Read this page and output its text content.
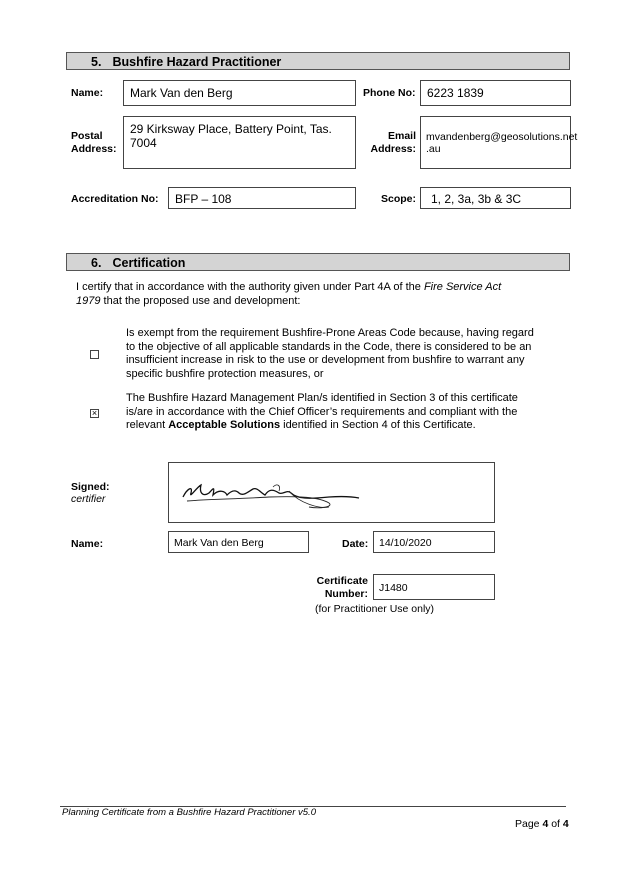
5. Bushfire Hazard Practitioner
Name:	Mark Van den Berg	Phone No: 6223 1839
Postal
Address:
29 Kirksway Place, Battery Point, Tas.
7004	Email
Address:
mvandenberg@geosolutions.net
.au
Accreditation No:	BFP – 108	Scope:	1, 2, 3a, 3b & 3C
6. Certification
I certify that in accordance with the authority given under Part 4A of the Fire Service Act
1979 that the proposed use and development:
Is exempt from the requirement Bushfire-Prone Areas Code because, having regard
to the objective of all applicable standards in the Code, there is considered to be an
insufficient increase in risk to the use or development from bushfire to warrant any
specific bushfire protection measures, or
×
The Bushfire Hazard Management Plan/s identified in Section 3 of this certificate
is/are in accordance with the Chief Officer’s requirements and compliant with the
relevant Acceptable Solutions identified in Section 4 of this Certificate.
Signed:
certifier
Name:	Mark Van den Berg	Date:	14/10/2020
Certificate
Number:	J1480
(for Practitioner Use only)
Planning Certificate from a Bushfire Hazard Practitioner v5.0
Page 4 of 4
